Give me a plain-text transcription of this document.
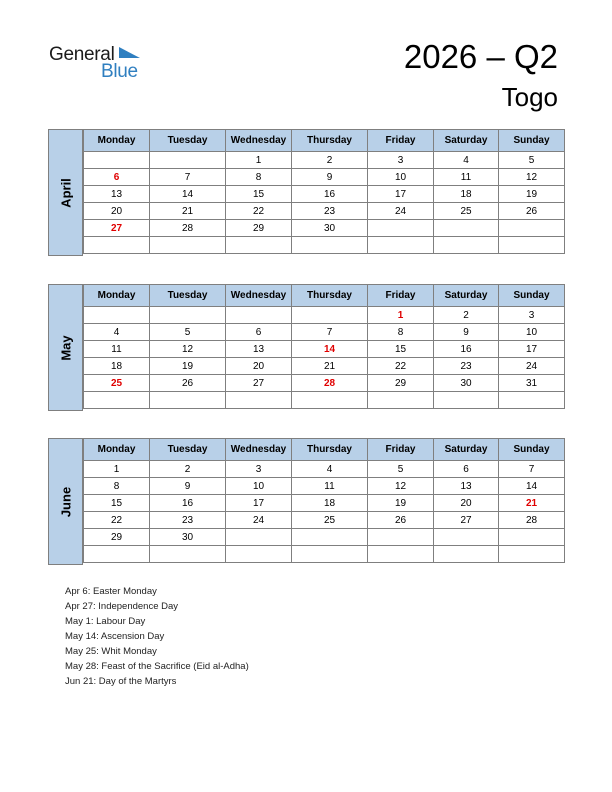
General
Blue	2026 – Q2
Togo
April
Monday	Tuesday	Wednesday	Thursday	Friday	Saturday	Sunday
		1	2	3	4	5
6	7	8	9	10	11	12
13	14	15	16	17	18	19
20	21	22	23	24	25	26
27	28	29	30			

May
Monday	Tuesday	Wednesday	Thursday	Friday	Saturday	Sunday
				1	2	3
4	5	6	7	8	9	10
11	12	13	14	15	16	17
18	19	20	21	22	23	24
25	26	27	28	29	30	31

June
Monday	Tuesday	Wednesday	Thursday	Friday	Saturday	Sunday
1	2	3	4	5	6	7
8	9	10	11	12	13	14
15	16	17	18	19	20	21
22	23	24	25	26	27	28
29	30					

Apr 6: Easter Monday
Apr 27: Independence Day
May 1: Labour Day
May 14: Ascension Day
May 25: Whit Monday
May 28: Feast of the Sacrifice (Eid al-Adha)
Jun 21: Day of the Martyrs
